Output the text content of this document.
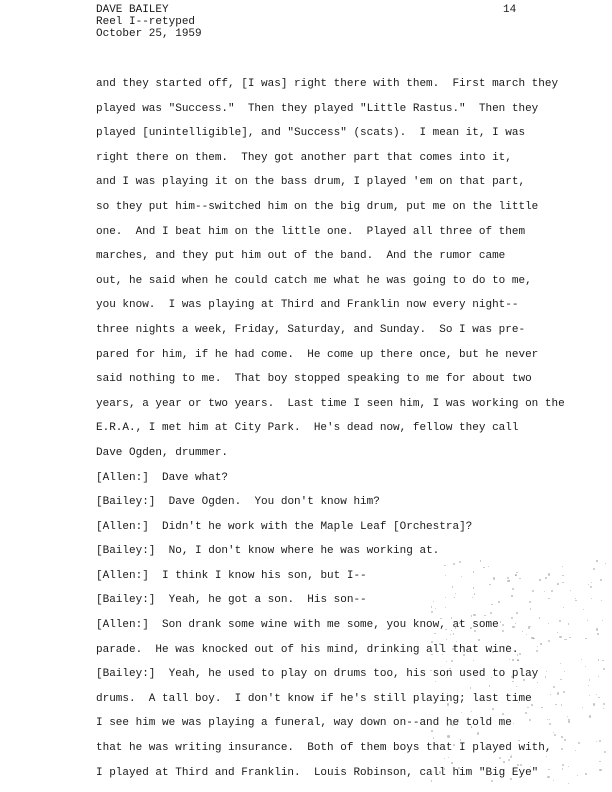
DAVE BAILEY
Reel I--retyped
October 25, 1959
14
and they started off, [I was] right there with them.  First march they
played was "Success."  Then they played "Little Rastus."  Then they
played [unintelligible], and "Success" (scats).  I mean it, I was
right there on them.  They got another part that comes into it,
and I was playing it on the bass drum, I played 'em on that part,
so they put him--switched him on the big drum, put me on the little
one.  And I beat him on the little one.  Played all three of them
marches, and they put him out of the band.  And the rumor came
out, he said when he could catch me what he was going to do to me,
you know.  I was playing at Third and Franklin now every night--
three nights a week, Friday, Saturday, and Sunday.  So I was pre-
pared for him, if he had come.  He come up there once, but he never
said nothing to me.  That boy stopped speaking to me for about two
years, a year or two years.  Last time I seen him, I was working on the
E.R.A., I met him at City Park.  He's dead now, fellow they call
Dave Ogden, drummer.
[Allen:]  Dave what?
[Bailey:]  Dave Ogden.  You don't know him?
[Allen:]  Didn't he work with the Maple Leaf [Orchestra]?
[Bailey:]  No, I don't know where he was working at.
[Allen:]  I think I know his son, but I--
[Bailey:]  Yeah, he got a son.  His son--
[Allen:]  Son drank some wine with me some, you know, at some
parade.  He was knocked out of his mind, drinking all that wine.
[Bailey:]  Yeah, he used to play on drums too, his son used to play
drums.  A tall boy.  I don't know if he's still playing; last time
I see him we was playing a funeral, way down on--and he told me
that he was writing insurance.  Both of them boys that I played with,
I played at Third and Franklin.  Louis Robinson, call him "Big Eye"
